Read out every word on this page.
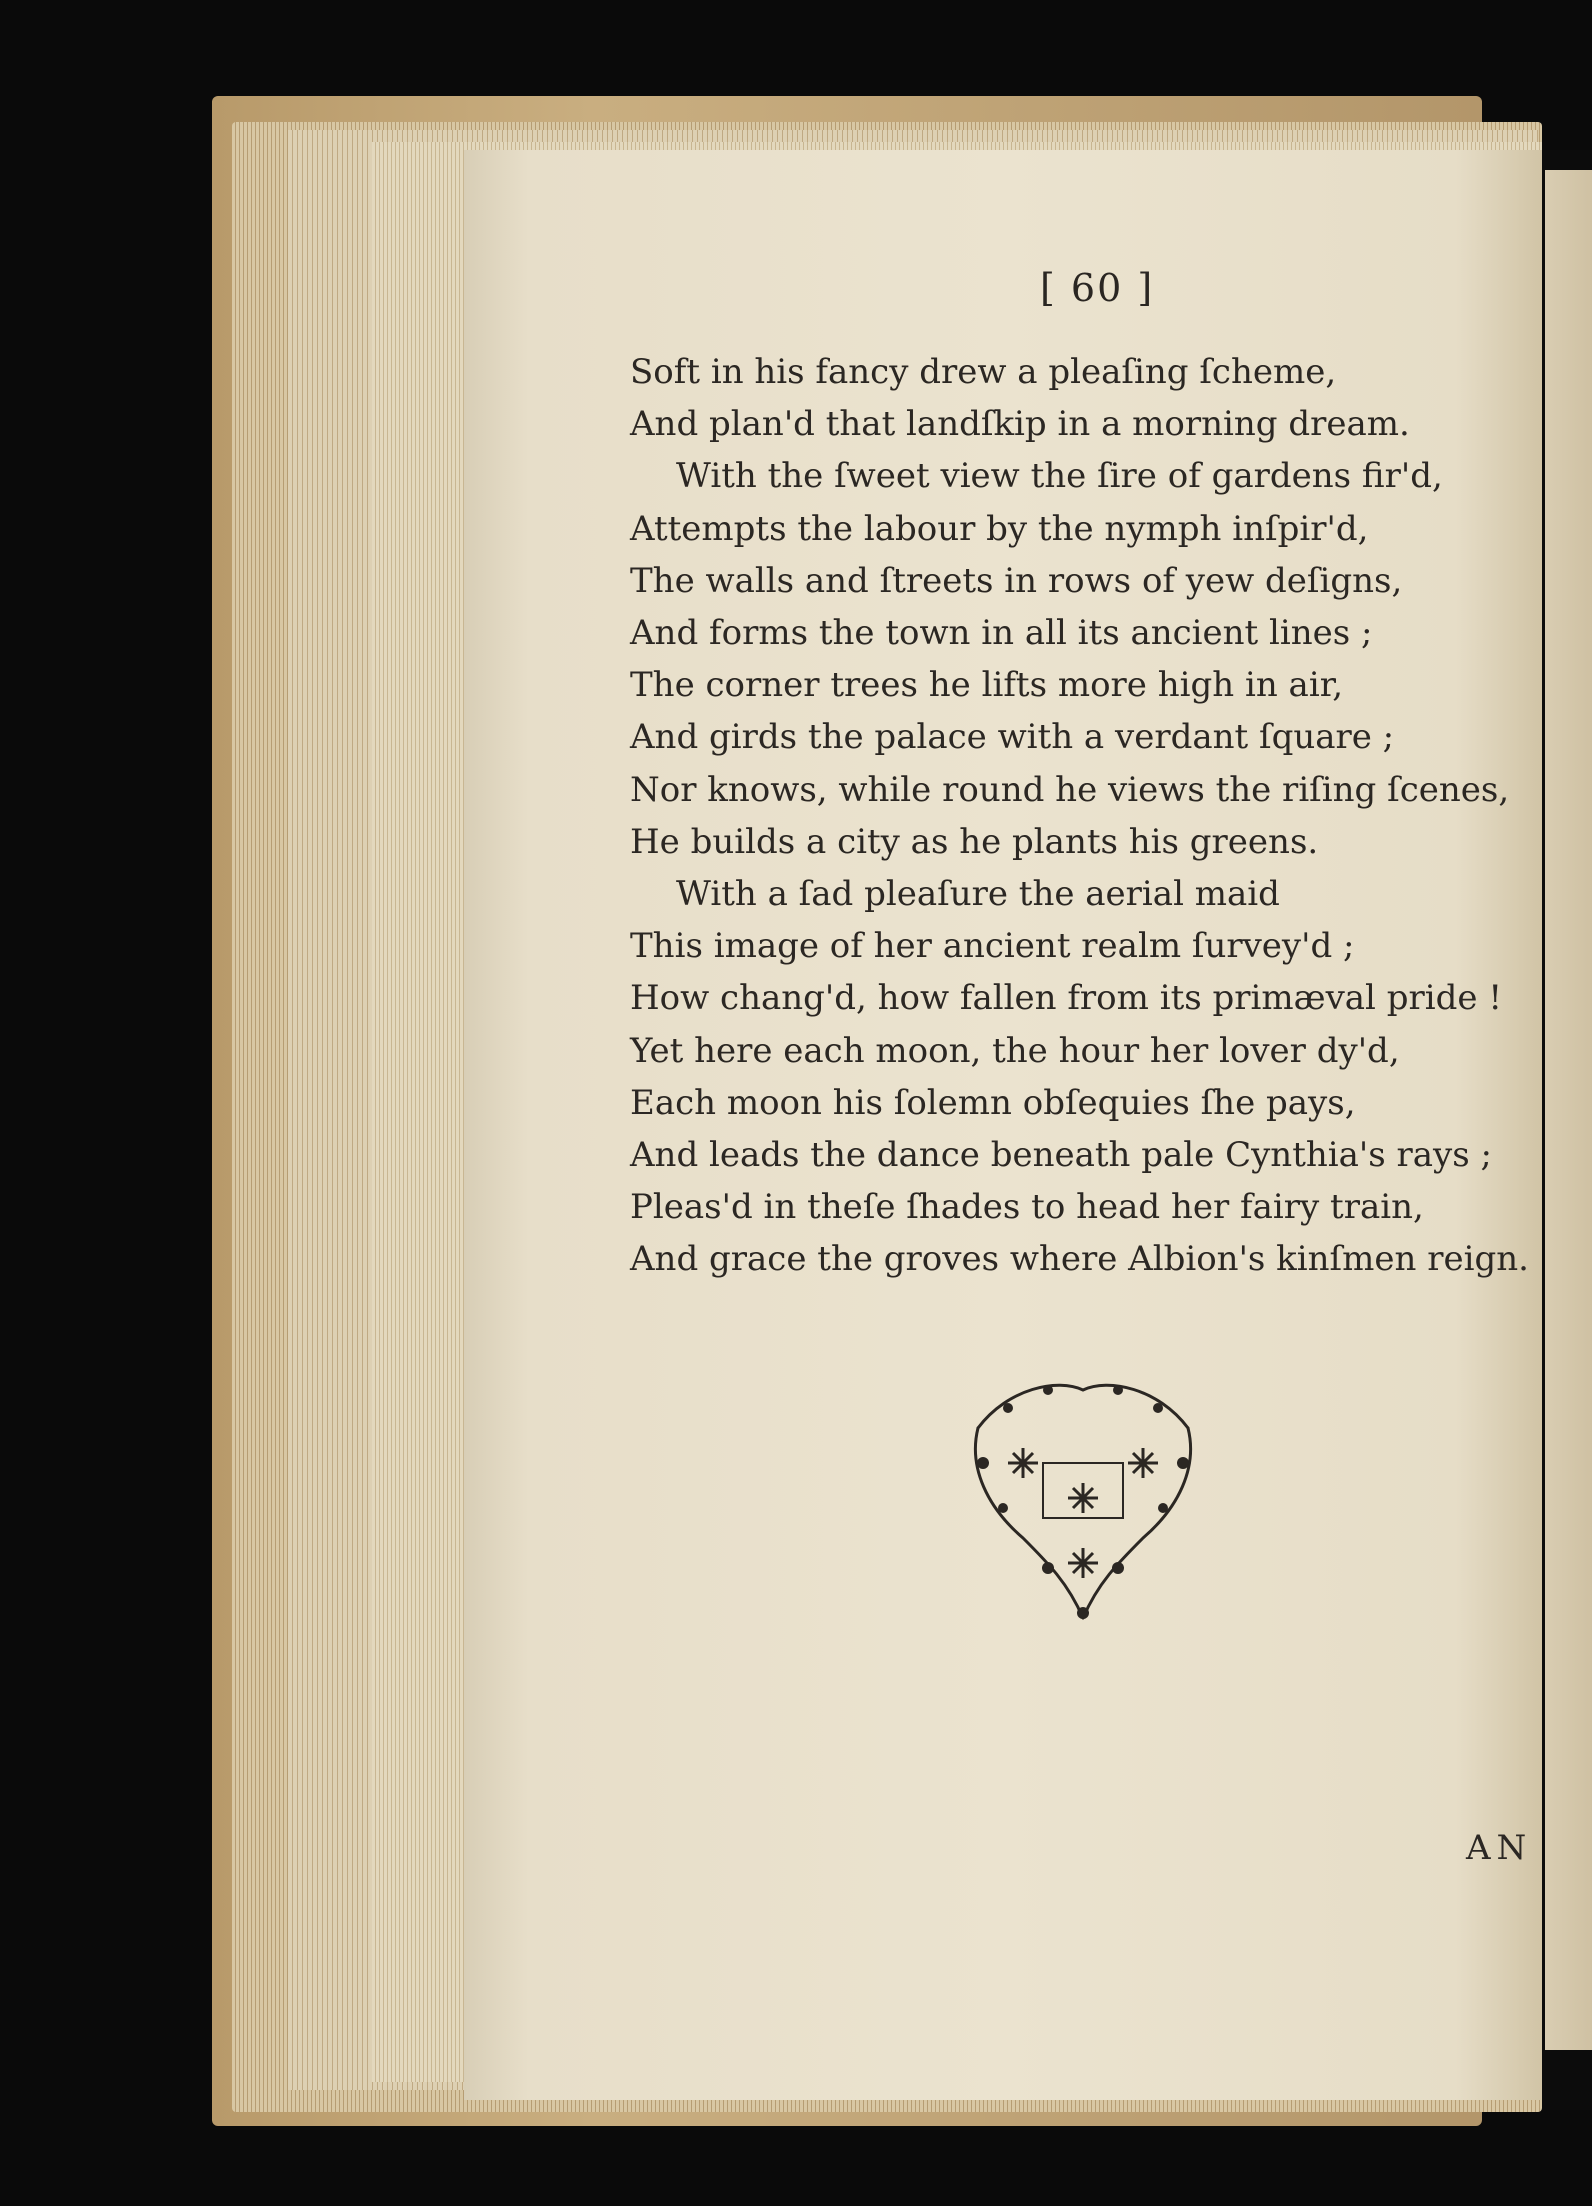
[ 60 ]
Soft in his fancy drew a pleaſing ſcheme,
And plan'd that landſkip in a morning dream.
With the ſweet view the ſire of gardens fir'd,
Attempts the labour by the nymph inſpir'd,
The walls and ſtreets in rows of yew deſigns,
And forms the town in all its ancient lines ;
The corner trees he lifts more high in air,
And girds the palace with a verdant ſquare ;
Nor knows, while round he views the riſing ſcenes,
He builds a city as he plants his greens.
With a ſad pleaſure the aerial maid
This image of her ancient realm ſurvey'd ;
How chang'd, how fallen from its primæval pride !
Yet here each moon, the hour her lover dy'd,
Each moon his ſolemn obſequies ſhe pays,
And leads the dance beneath pale Cynthia's rays ;
Pleas'd in theſe ſhades to head her fairy train,
And grace the groves where Albion's kinſmen reign.
AN
